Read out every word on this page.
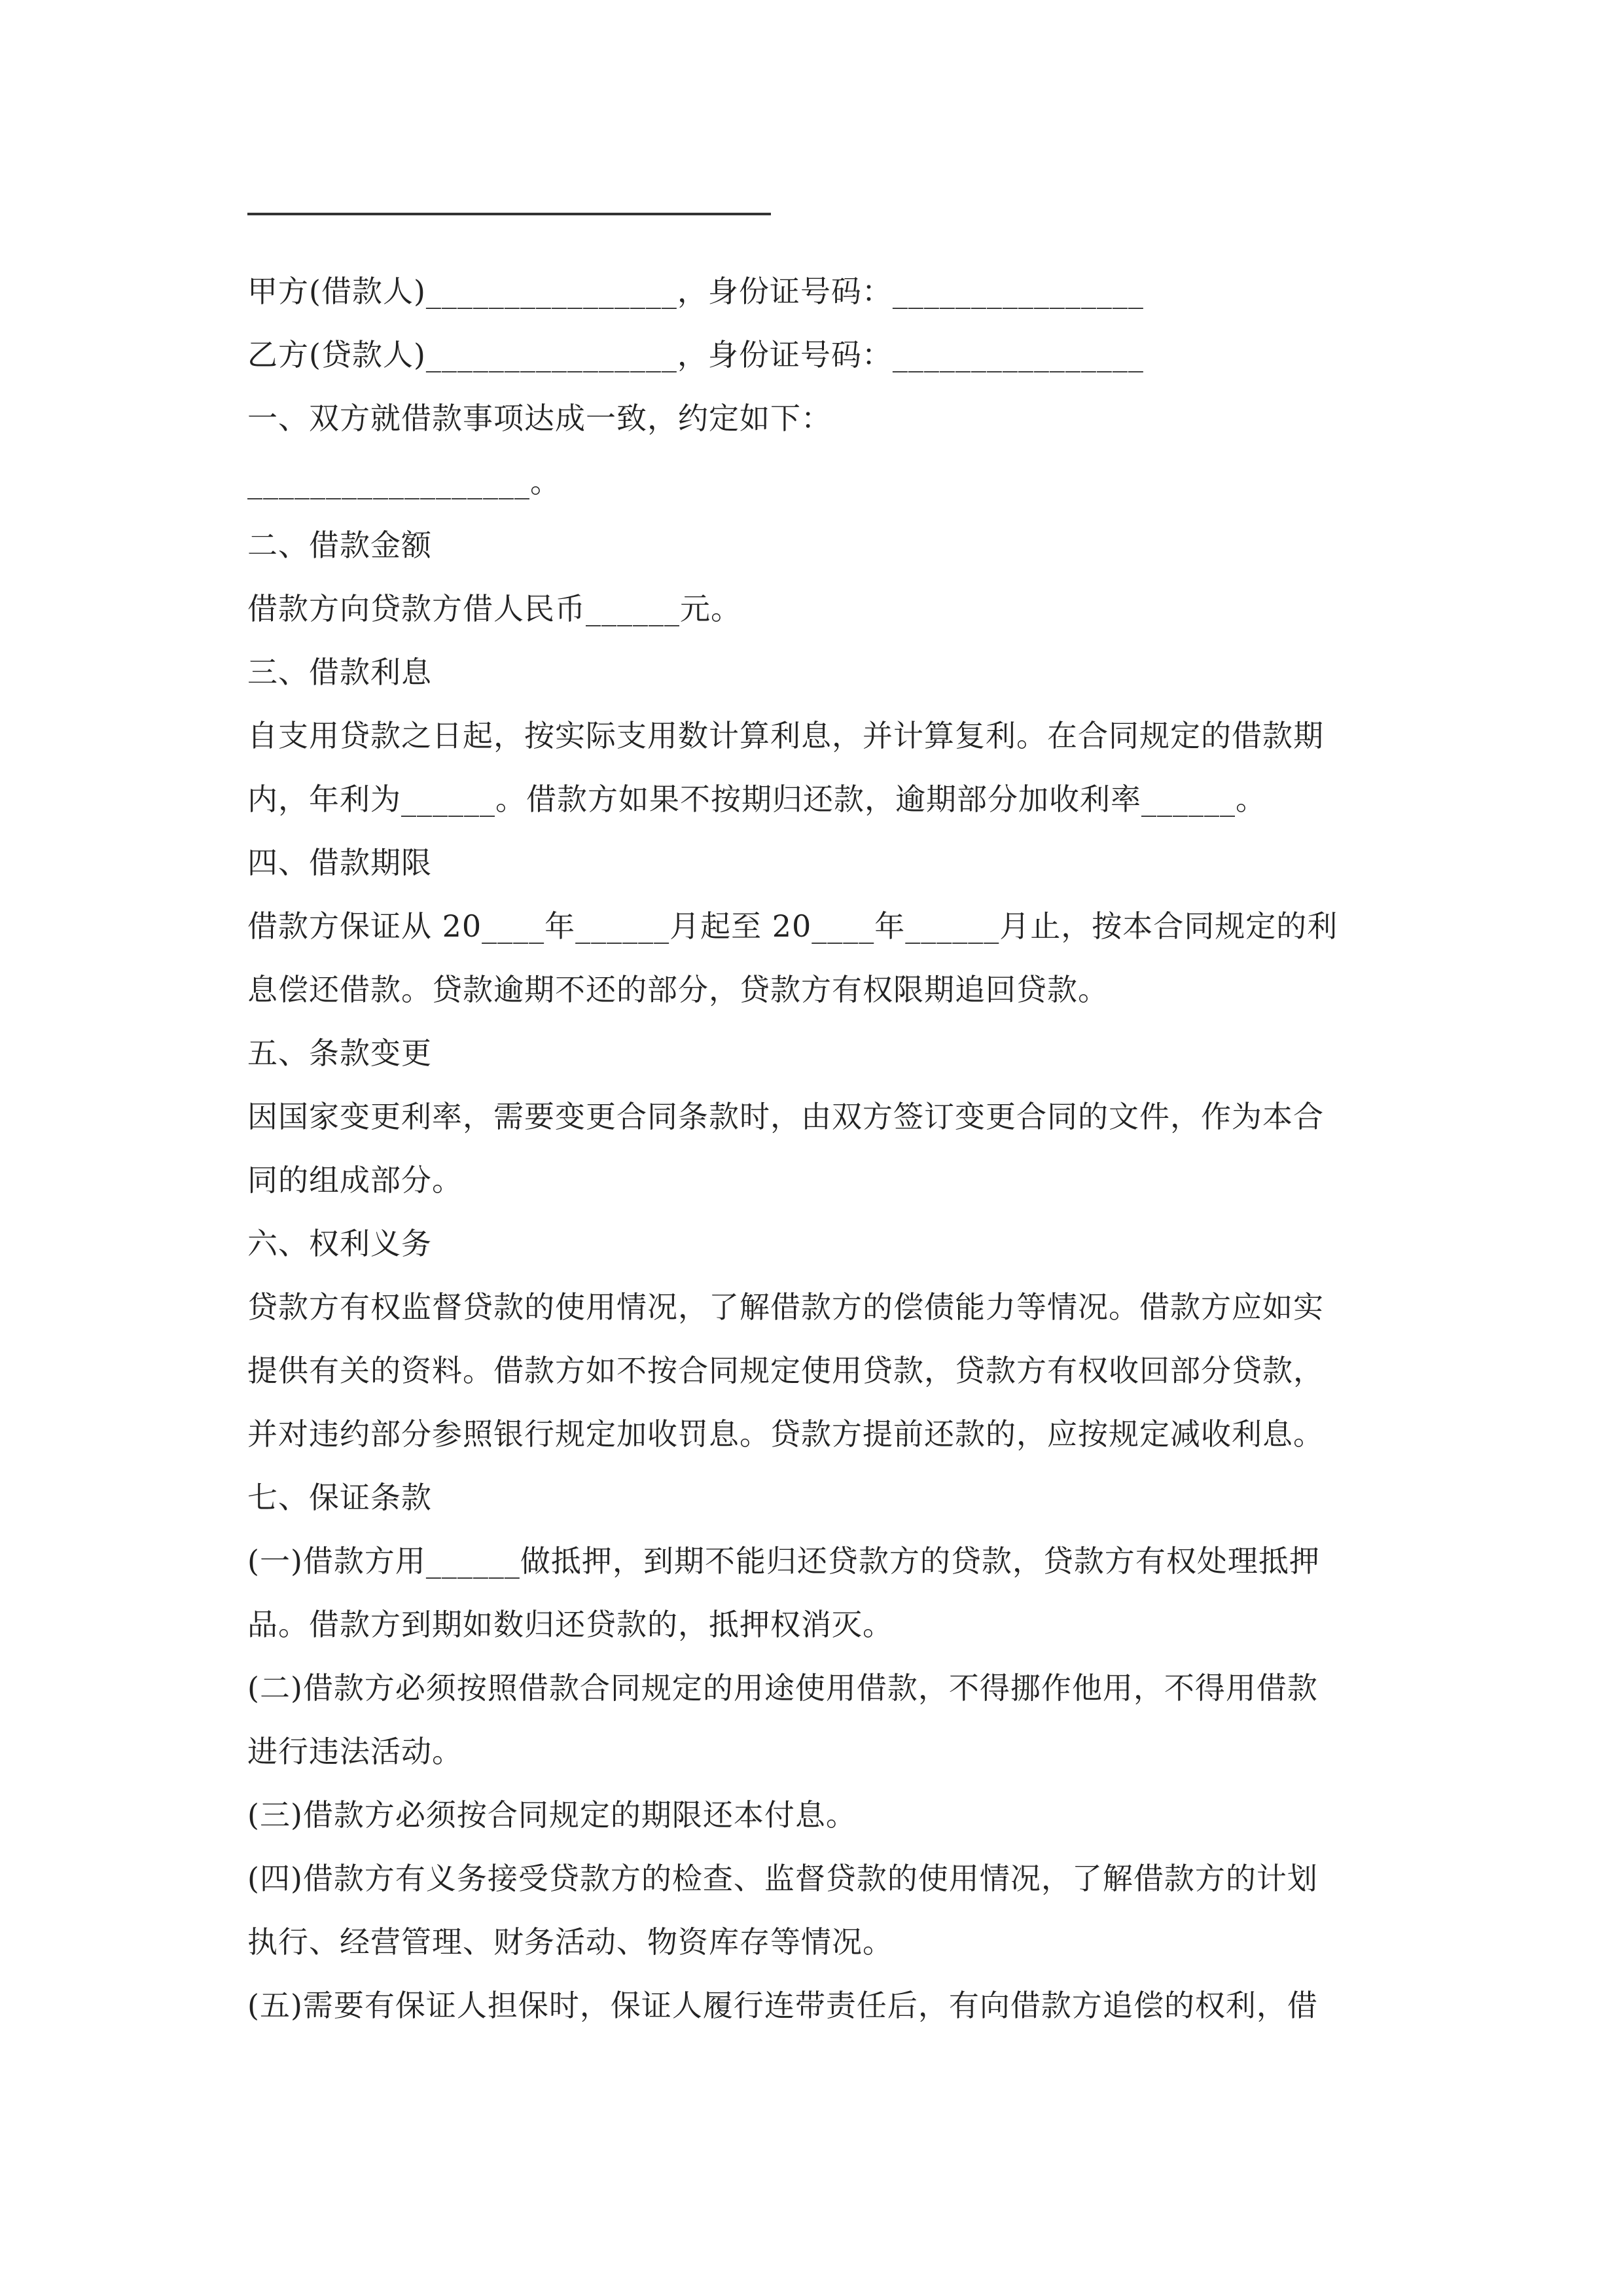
甲方(借款人)________________，身份证号码：________________
乙方(贷款人)________________，身份证号码：________________
一、双方就借款事项达成一致，约定如下：
__________________。
二、借款金额
借款方向贷款方借人民币______元。
三、借款利息
自支用贷款之日起，按实际支用数计算利息，并计算复利。在合同规定的借款期
内，年利为______。借款方如果不按期归还款，逾期部分加收利率______。
四、借款期限
借款方保证从 20____年______月起至 20____年______月止，按本合同规定的利
息偿还借款。贷款逾期不还的部分，贷款方有权限期追回贷款。
五、条款变更
因国家变更利率，需要变更合同条款时，由双方签订变更合同的文件，作为本合
同的组成部分。
六、权利义务
贷款方有权监督贷款的使用情况，了解借款方的偿债能力等情况。借款方应如实
提供有关的资料。借款方如不按合同规定使用贷款，贷款方有权收回部分贷款，
并对违约部分参照银行规定加收罚息。贷款方提前还款的，应按规定减收利息。
七、保证条款
(一)借款方用______做抵押，到期不能归还贷款方的贷款，贷款方有权处理抵押
品。借款方到期如数归还贷款的，抵押权消灭。
(二)借款方必须按照借款合同规定的用途使用借款，不得挪作他用，不得用借款
进行违法活动。
(三)借款方必须按合同规定的期限还本付息。
(四)借款方有义务接受贷款方的检查、监督贷款的使用情况，了解借款方的计划
执行、经营管理、财务活动、物资库存等情况。
(五)需要有保证人担保时，保证人履行连带责任后，有向借款方追偿的权利，借
